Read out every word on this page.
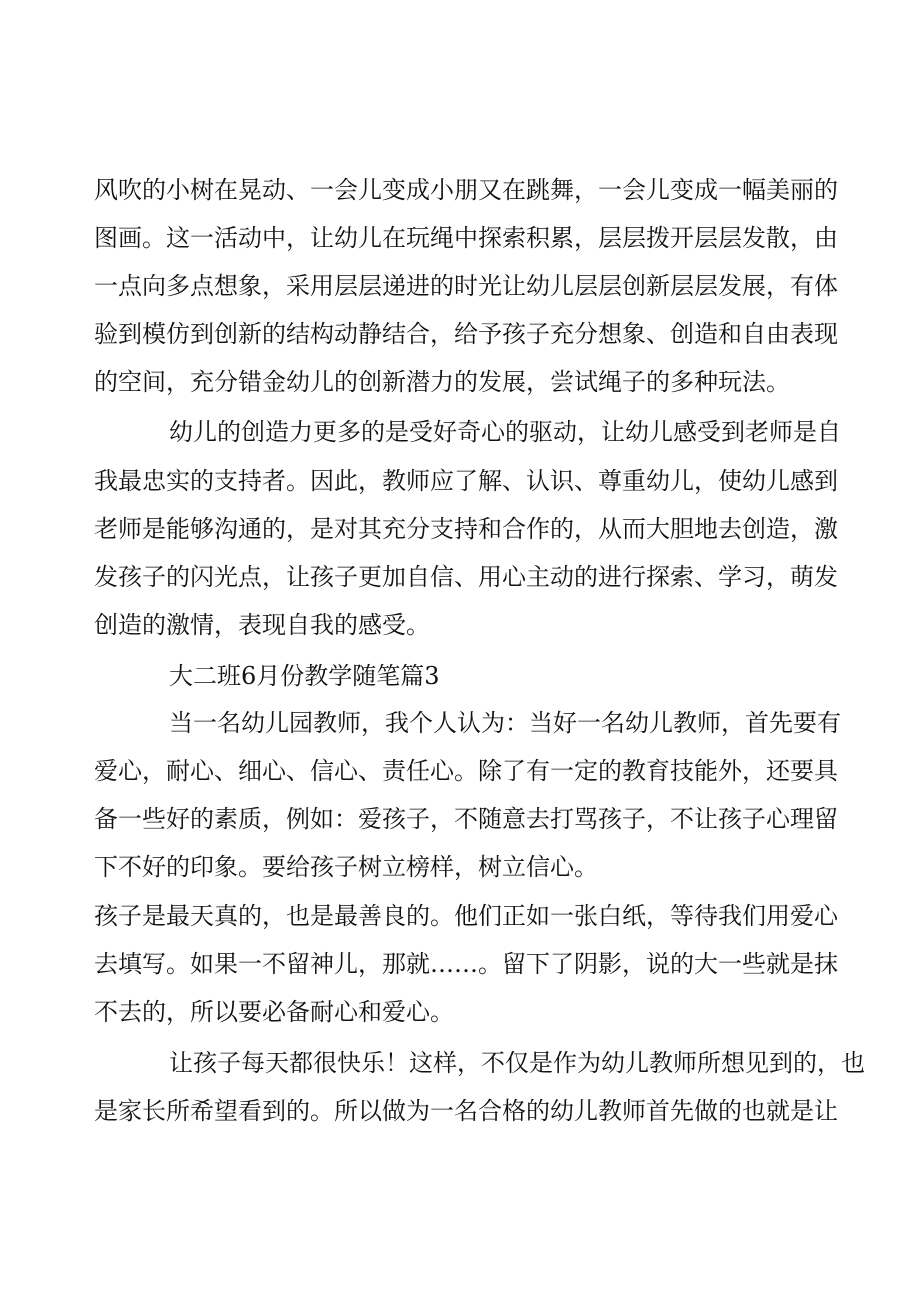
风吹的小树在晃动、一会儿变成小朋又在跳舞，一会儿变成一幅美丽的
图画。这一活动中，让幼儿在玩绳中探索积累，层层拨开层层发散，由
一点向多点想象，采用层层递进的时光让幼儿层层创新层层发展，有体
验到模仿到创新的结构动静结合，给予孩子充分想象、创造和自由表现
的空间，充分错金幼儿的创新潜力的发展，尝试绳子的多种玩法。
幼儿的创造力更多的是受好奇心的驱动，让幼儿感受到老师是自
我最忠实的支持者。因此，教师应了解、认识、尊重幼儿，使幼儿感到
老师是能够沟通的，是对其充分支持和合作的，从而大胆地去创造，激
发孩子的闪光点，让孩子更加自信、用心主动的进行探索、学习，萌发
创造的激情，表现自我的感受。
大二班6月份教学随笔篇3
当一名幼儿园教师，我个人认为：当好一名幼儿教师，首先要有
爱心，耐心、细心、信心、责任心。除了有一定的教育技能外，还要具
备一些好的素质，例如：爱孩子，不随意去打骂孩子，不让孩子心理留
下不好的印象。要给孩子树立榜样，树立信心。
孩子是最天真的，也是最善良的。他们正如一张白纸，等待我们用爱心
去填写。如果一不留神儿，那就……。留下了阴影，说的大一些就是抹
不去的，所以要必备耐心和爱心。
让孩子每天都很快乐！这样，不仅是作为幼儿教师所想见到的，也
是家长所希望看到的。所以做为一名合格的幼儿教师首先做的也就是让
